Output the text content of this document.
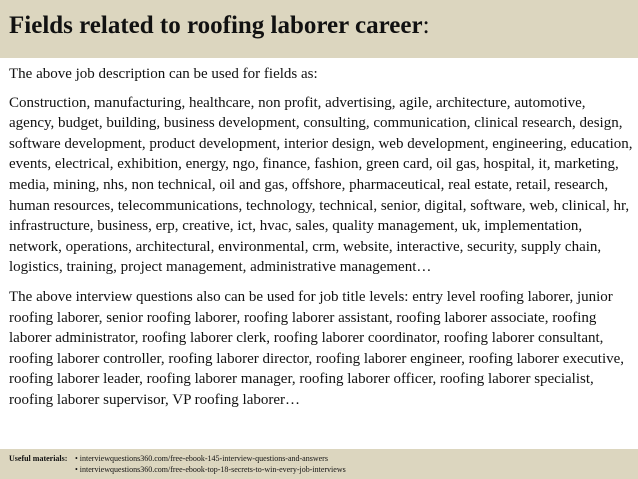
Fields related to roofing laborer career:

The above job description can be used for fields as:

Construction, manufacturing, healthcare, non profit, advertising, agile, architecture, automotive, agency, budget, building, business development, consulting, communication, clinical research, design, software development, product development, interior design, web development, engineering, education, events, electrical, exhibition, energy, ngo, finance, fashion, green card, oil gas, hospital, it, marketing, media, mining, nhs, non technical, oil and gas, offshore, pharmaceutical, real estate, retail, research, human resources, telecommunications, technology, technical, senior, digital, software, web, clinical, hr, infrastructure, business, erp, creative, ict, hvac, sales, quality management, uk, implementation, network, operations, architectural, environmental, crm, website, interactive, security, supply chain, logistics, training, project management, administrative management…

The above interview questions also can be used for job title levels: entry level roofing laborer, junior roofing laborer, senior roofing laborer, roofing laborer assistant, roofing laborer associate, roofing laborer administrator, roofing laborer clerk, roofing laborer coordinator, roofing laborer consultant, roofing laborer controller, roofing laborer director, roofing laborer engineer, roofing laborer executive, roofing laborer leader, roofing laborer manager, roofing laborer officer, roofing laborer specialist, roofing laborer supervisor, VP roofing laborer…

Useful materials: • interviewquestions360.com/free-ebook-145-interview-questions-and-answers
• interviewquestions360.com/free-ebook-top-18-secrets-to-win-every-job-interviews
